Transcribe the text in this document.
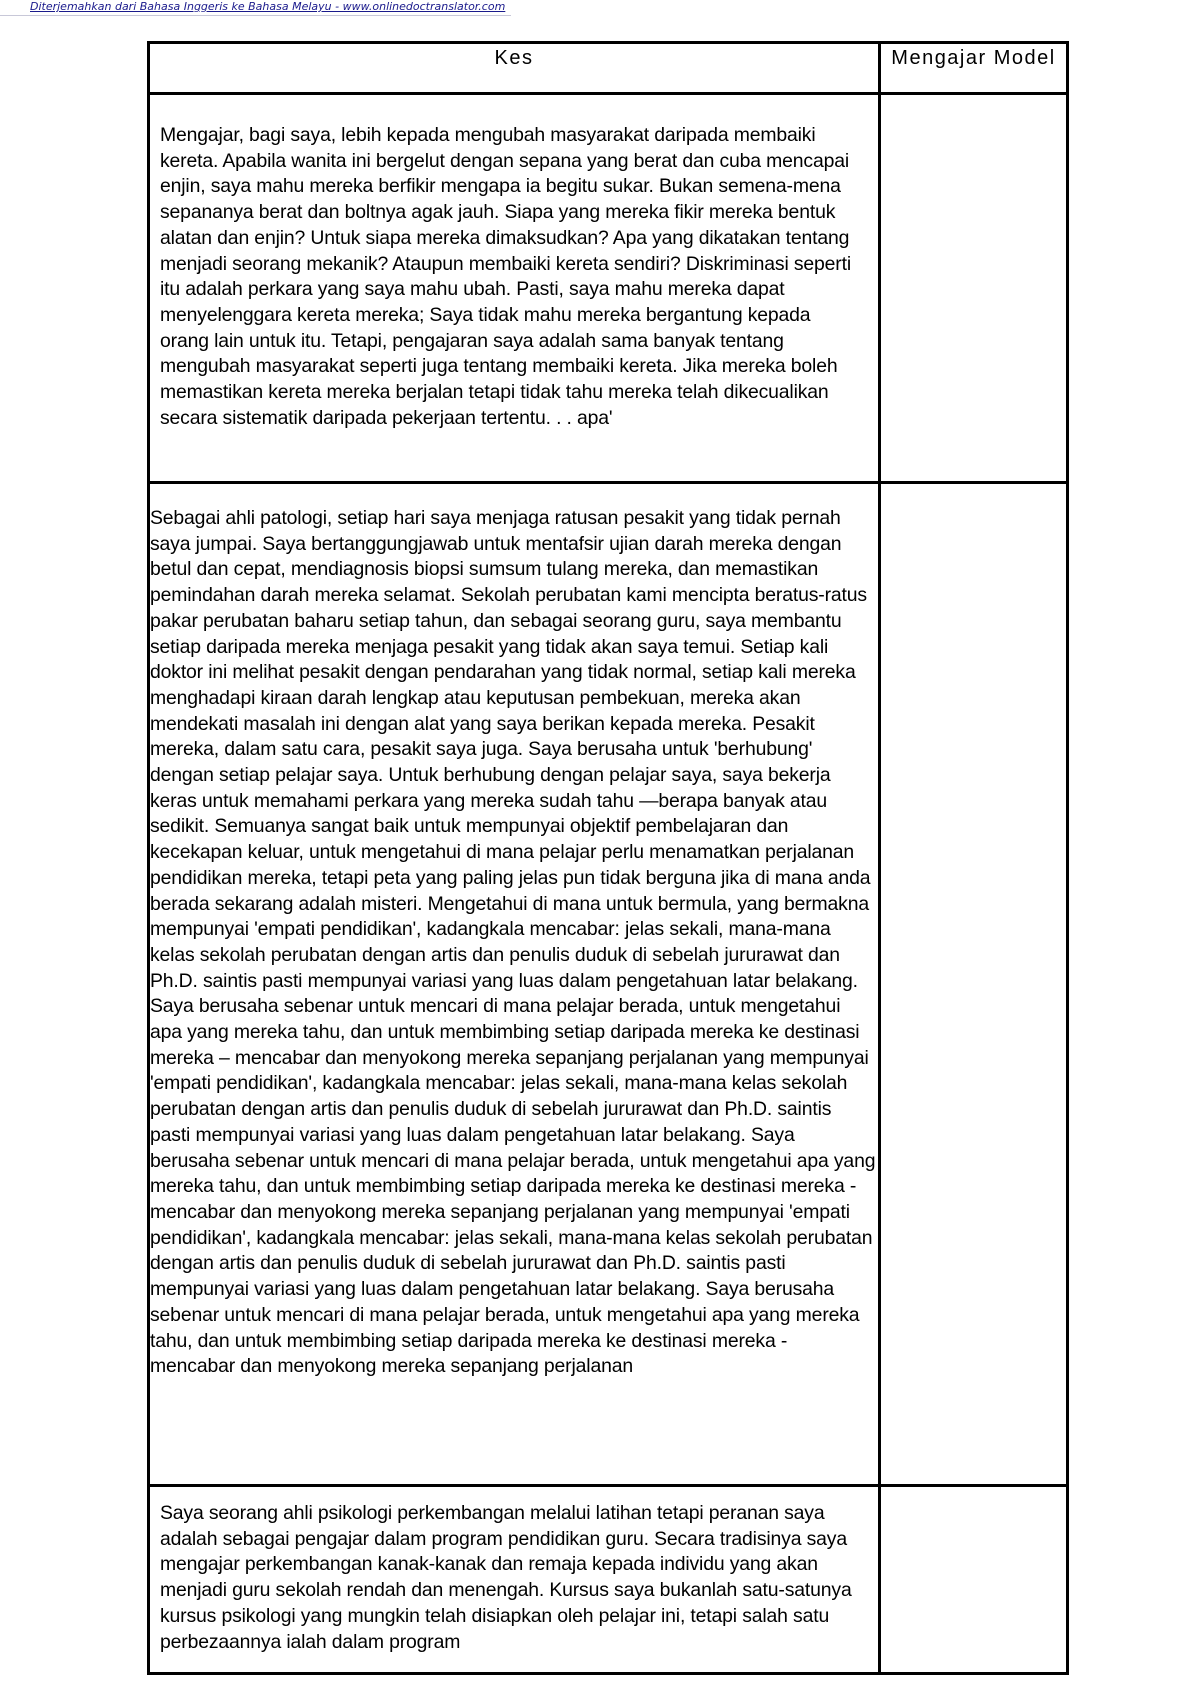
Diterjemahkan dari Bahasa Inggeris ke Bahasa Melayu - www.onlinedoctranslator.com
Kes	Mengajar Model

Mengajar, bagi saya, lebih kepada mengubah masyarakat daripada membaiki kereta. Apabila wanita ini bergelut dengan sepana yang berat dan cuba mencapai enjin, saya mahu mereka berfikir mengapa ia begitu sukar. Bukan semena-mena sepananya berat dan boltnya agak jauh. Siapa yang mereka fikir mereka bentuk alatan dan enjin? Untuk siapa mereka dimaksudkan? Apa yang dikatakan tentang menjadi seorang mekanik? Ataupun membaiki kereta sendiri? Diskriminasi seperti itu adalah perkara yang saya mahu ubah. Pasti, saya mahu mereka dapat menyelenggara kereta mereka; Saya tidak mahu mereka bergantung kepada orang lain untuk itu. Tetapi, pengajaran saya adalah sama banyak tentang mengubah masyarakat seperti juga tentang membaiki kereta. Jika mereka boleh memastikan kereta mereka berjalan tetapi tidak tahu mereka telah dikecualikan secara sistematik daripada pekerjaan tertentu. . . apa'	

Sebagai ahli patologi, setiap hari saya menjaga ratusan pesakit yang tidak pernah saya jumpai. Saya bertanggungjawab untuk mentafsir ujian darah mereka dengan betul dan cepat, mendiagnosis biopsi sumsum tulang mereka, dan memastikan pemindahan darah mereka selamat. Sekolah perubatan kami mencipta beratus-ratus pakar perubatan baharu setiap tahun, dan sebagai seorang guru, saya membantu setiap daripada mereka menjaga pesakit yang tidak akan saya temui. Setiap kali doktor ini melihat pesakit dengan pendarahan yang tidak normal, setiap kali mereka menghadapi kiraan darah lengkap atau keputusan pembekuan, mereka akan mendekati masalah ini dengan alat yang saya berikan kepada mereka. Pesakit mereka, dalam satu cara, pesakit saya juga. Saya berusaha untuk 'berhubung' dengan setiap pelajar saya. Untuk berhubung dengan pelajar saya, saya bekerja keras untuk memahami perkara yang mereka sudah tahu —berapa banyak atau sedikit. Semuanya sangat baik untuk mempunyai objektif pembelajaran dan kecekapan keluar, untuk mengetahui di mana pelajar perlu menamatkan perjalanan pendidikan mereka, tetapi peta yang paling jelas pun tidak berguna jika di mana anda berada sekarang adalah misteri. Mengetahui di mana untuk bermula, yang bermakna mempunyai 'empati pendidikan', kadangkala mencabar: jelas sekali, mana-mana kelas sekolah perubatan dengan artis dan penulis duduk di sebelah jururawat dan Ph.D. saintis pasti mempunyai variasi yang luas dalam pengetahuan latar belakang. Saya berusaha sebenar untuk mencari di mana pelajar berada, untuk mengetahui apa yang mereka tahu, dan untuk membimbing setiap daripada mereka ke destinasi mereka – mencabar dan menyokong mereka sepanjang perjalanan yang mempunyai 'empati pendidikan', kadangkala mencabar: jelas sekali, mana-mana kelas sekolah perubatan dengan artis dan penulis duduk di sebelah jururawat dan Ph.D. saintis pasti mempunyai variasi yang luas dalam pengetahuan latar belakang. Saya berusaha sebenar untuk mencari di mana pelajar berada, untuk mengetahui apa yang mereka tahu, dan untuk membimbing setiap daripada mereka ke destinasi mereka - mencabar dan menyokong mereka sepanjang perjalanan yang mempunyai 'empati pendidikan', kadangkala mencabar: jelas sekali, mana-mana kelas sekolah perubatan dengan artis dan penulis duduk di sebelah jururawat dan Ph.D. saintis pasti mempunyai variasi yang luas dalam pengetahuan latar belakang. Saya berusaha sebenar untuk mencari di mana pelajar berada, untuk mengetahui apa yang mereka tahu, dan untuk membimbing setiap daripada mereka ke destinasi mereka - mencabar dan menyokong mereka sepanjang perjalanan	

Saya seorang ahli psikologi perkembangan melalui latihan tetapi peranan saya adalah sebagai pengajar dalam program pendidikan guru. Secara tradisinya saya mengajar perkembangan kanak-kanak dan remaja kepada individu yang akan menjadi guru sekolah rendah dan menengah. Kursus saya bukanlah satu-satunya kursus psikologi yang mungkin telah disiapkan oleh pelajar ini, tetapi salah satu perbezaannya ialah dalam program	
